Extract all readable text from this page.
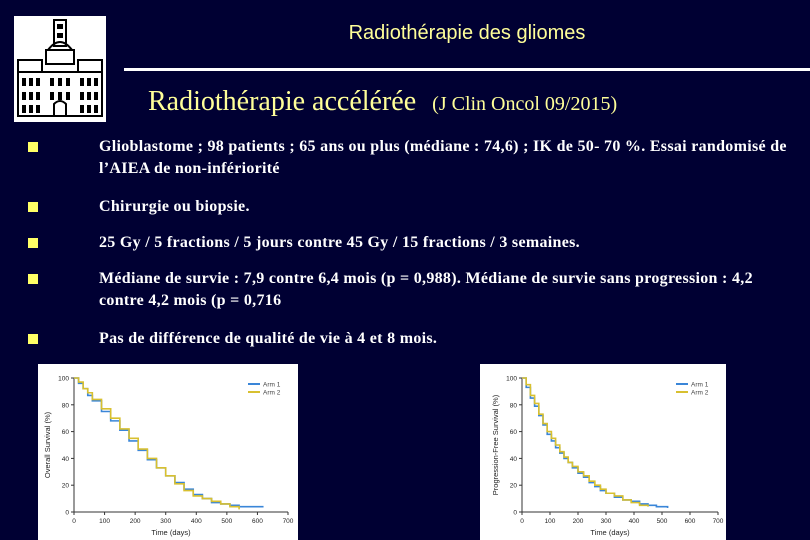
Radiothérapie des gliomes
Radiothérapie accélérée (J Clin Oncol 09/2015)
Glioblastome ; 98 patients ; 65 ans ou plus (médiane : 74,6) ; IK de 50- 70 %. Essai randomisé de l’AIEA de non-infériorité
Chirurgie ou biopsie.
25 Gy / 5 fractions / 5 jours contre 45 Gy / 15 fractions / 3 semaines.
Médiane de survie : 7,9 contre 6,4 mois (p = 0,988). Médiane de survie sans progression : 4,2 contre 4,2 mois (p = 0,716
Pas de différence de qualité de vie à 4 et 8 mois.
0
20
40
60
80
100
0	100	200	300	400	500	600	700
Time (days)
Overall Survival (%)
Arm 1
Arm 2
0
20
40
60
80
100
0	100	200	300	400	500	600	700
Time (days)
Progression-Free Survival (%)
Arm 1
Arm 2
